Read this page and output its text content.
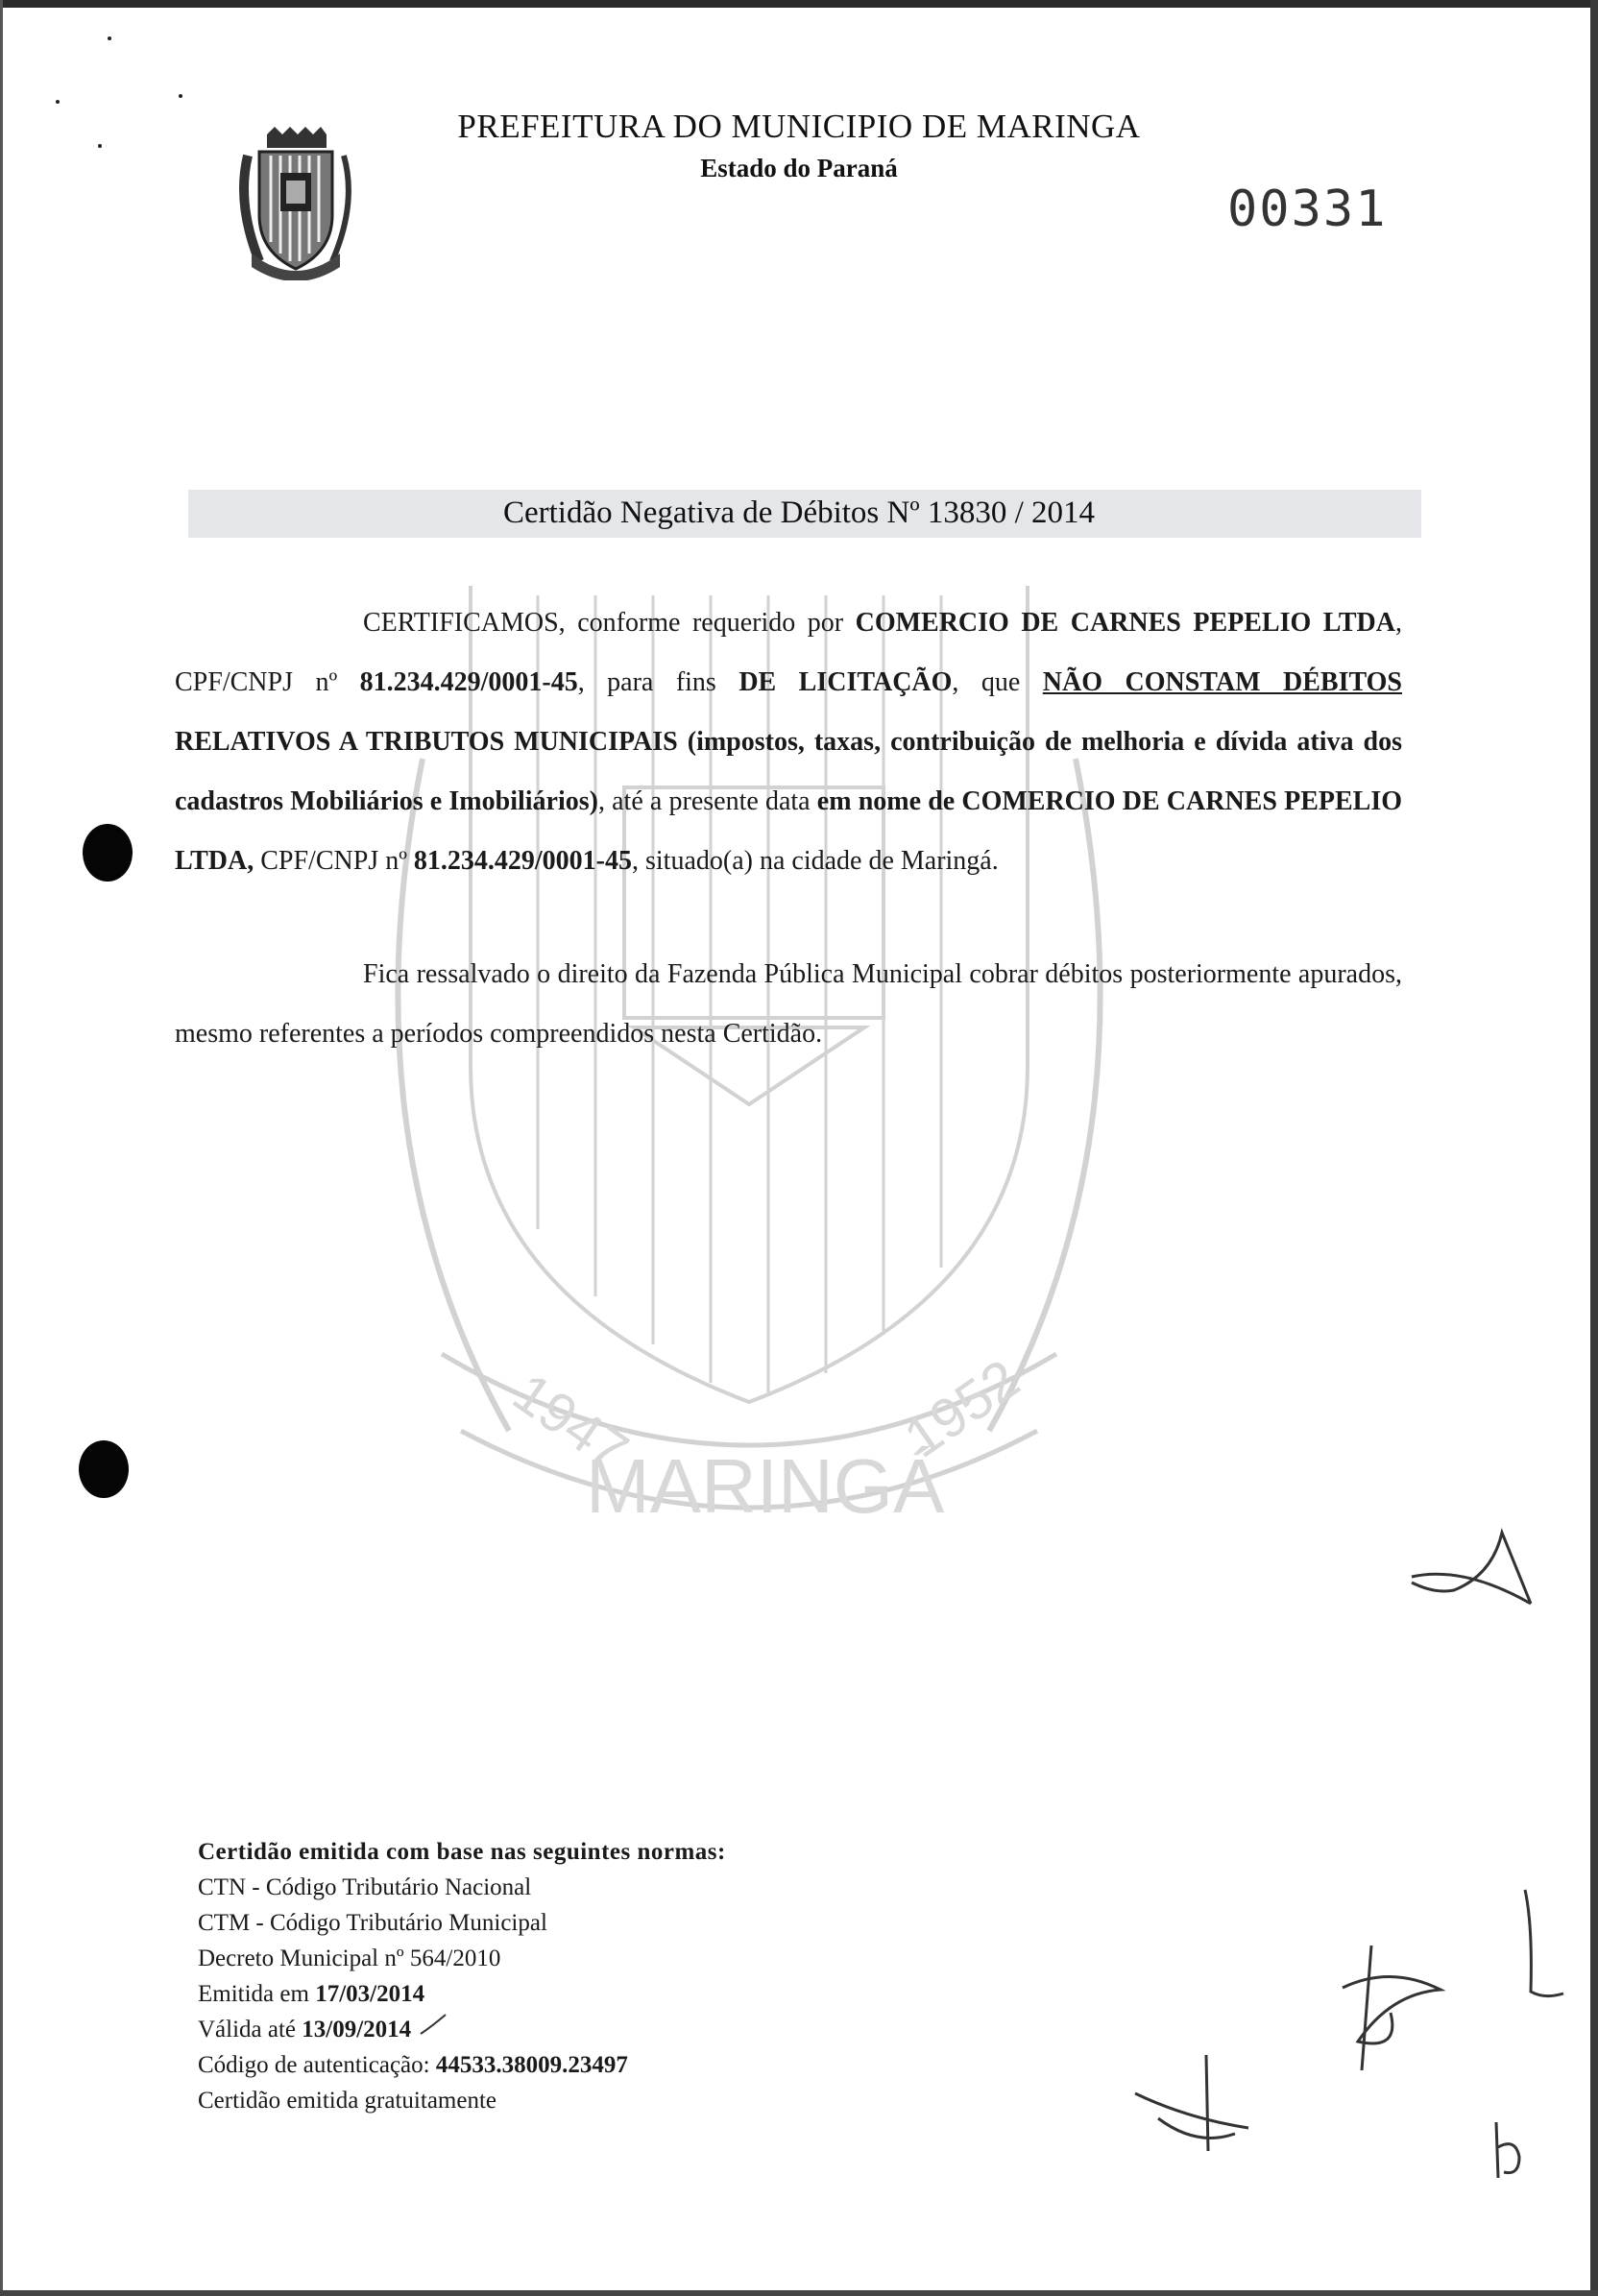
PREFEITURA DO MUNICIPIO DE MARINGA
Estado do Paraná
00331
1947	1952
MARINGÁ
Certidão Negativa de Débitos Nº 13830 / 2014

CERTIFICAMOS, conforme requerido por COMERCIO DE CARNES PEPELIO LTDA, CPF/CNPJ nº 81.234.429/0001-45, para fins DE LICITAÇÃO, que NÃO CONSTAM DÉBITOS RELATIVOS A TRIBUTOS MUNICIPAIS (impostos, taxas, contribuição de melhoria e dívida ativa dos cadastros Mobiliários e Imobiliários), até a presente data em nome de COMERCIO DE CARNES PEPELIO LTDA, CPF/CNPJ nº 81.234.429/0001-45, situado(a) na cidade de Maringá.

Fica ressalvado o direito da Fazenda Pública Municipal cobrar débitos posteriormente apurados, mesmo referentes a períodos compreendidos nesta Certidão.

Certidão emitida com base nas seguintes normas:
CTN - Código Tributário Nacional
CTM - Código Tributário Municipal
Decreto Municipal nº 564/2010
Emitida em 17/03/2014
Válida até 13/09/2014
Código de autenticação: 44533.38009.23497
Certidão emitida gratuitamente
